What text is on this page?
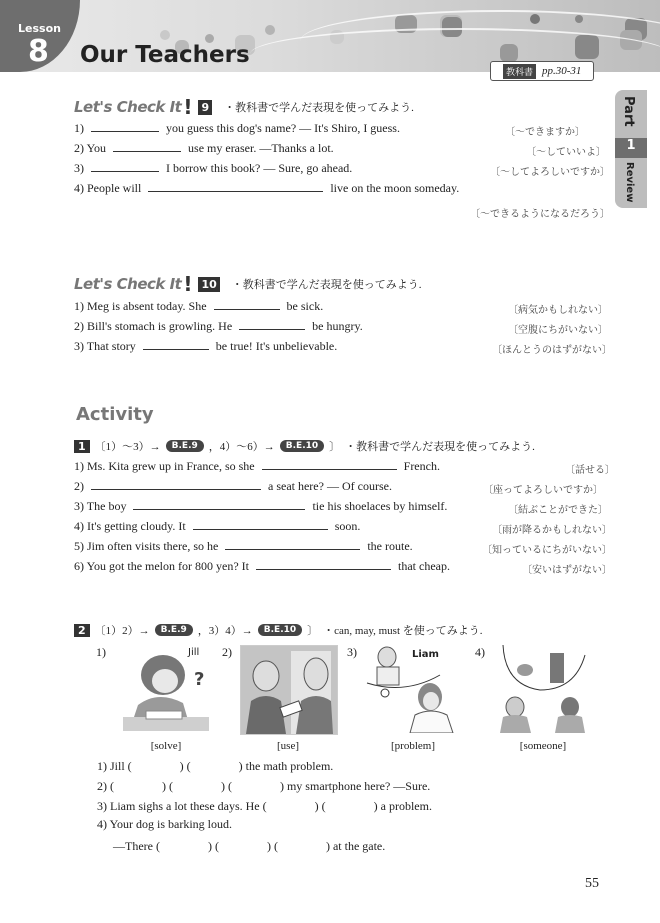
Lesson
8 Our Teachers
教科書 pp.30-31
Part
1
Review
Let's Check It ! 9 ・教科書で学んだ表現を使ってみよう.
1)	you guess this dog's name? ― It's Shiro, I guess.	〔～できますか〕
2) You	use my eraser. ―Thanks a lot.	〔～していいよ〕
3)	I borrow this book? ― Sure, go ahead.	〔～してよろしいですか〕
4) People will	live on the moon someday.
〔～できるようになるだろう〕
Let's Check It ! 10 ・教科書で学んだ表現を使ってみよう.
1) Meg is absent today. She	be sick.	〔病気かもしれない〕
2) Bill's stomach is growling. He	be hungry.	〔空腹にちがいない〕
3) That story	be true! It's unbelievable.	〔ほんとうのはずがない〕
Activity
1 〔1）～3）→	B.E.9	，4）～6）→	B.E.10	〕 ・教科書で学んだ表現を使ってみよう.
1) Ms. Kita grew up in France, so she	French.	〔話せる〕
2)	a seat here? ― Of course.	〔座ってよろしいですか〕
3) The boy	tie his shoelaces by himself.	〔結ぶことができた〕
4) It's getting cloudy. It	soon.	〔雨が降るかもしれない〕
5) Jim often visits there, so he	the route.	〔知っているにちがいない〕
6) You got the melon for 800 yen? It	that cheap.	〔安いはずがない〕
2 〔1）2）→	B.E.9	，3）4）→	B.E.10	〕 ・can, may, must を使ってみよう.
1)
?
Jill 2)	3)	Liam	4)
[solve]	[use]	[problem]	[someone]
1) Jill (　　　　) (　　　　) the math problem.
2) (　　　　) (　　　　) (　　　　) my smartphone here? ―Sure.
3) Liam sighs a lot these days. He (　　　　) (　　　　) a problem.
4) Your dog is barking loud.
―There (　　　　) (　　　　) (　　　　) at the gate.
55
